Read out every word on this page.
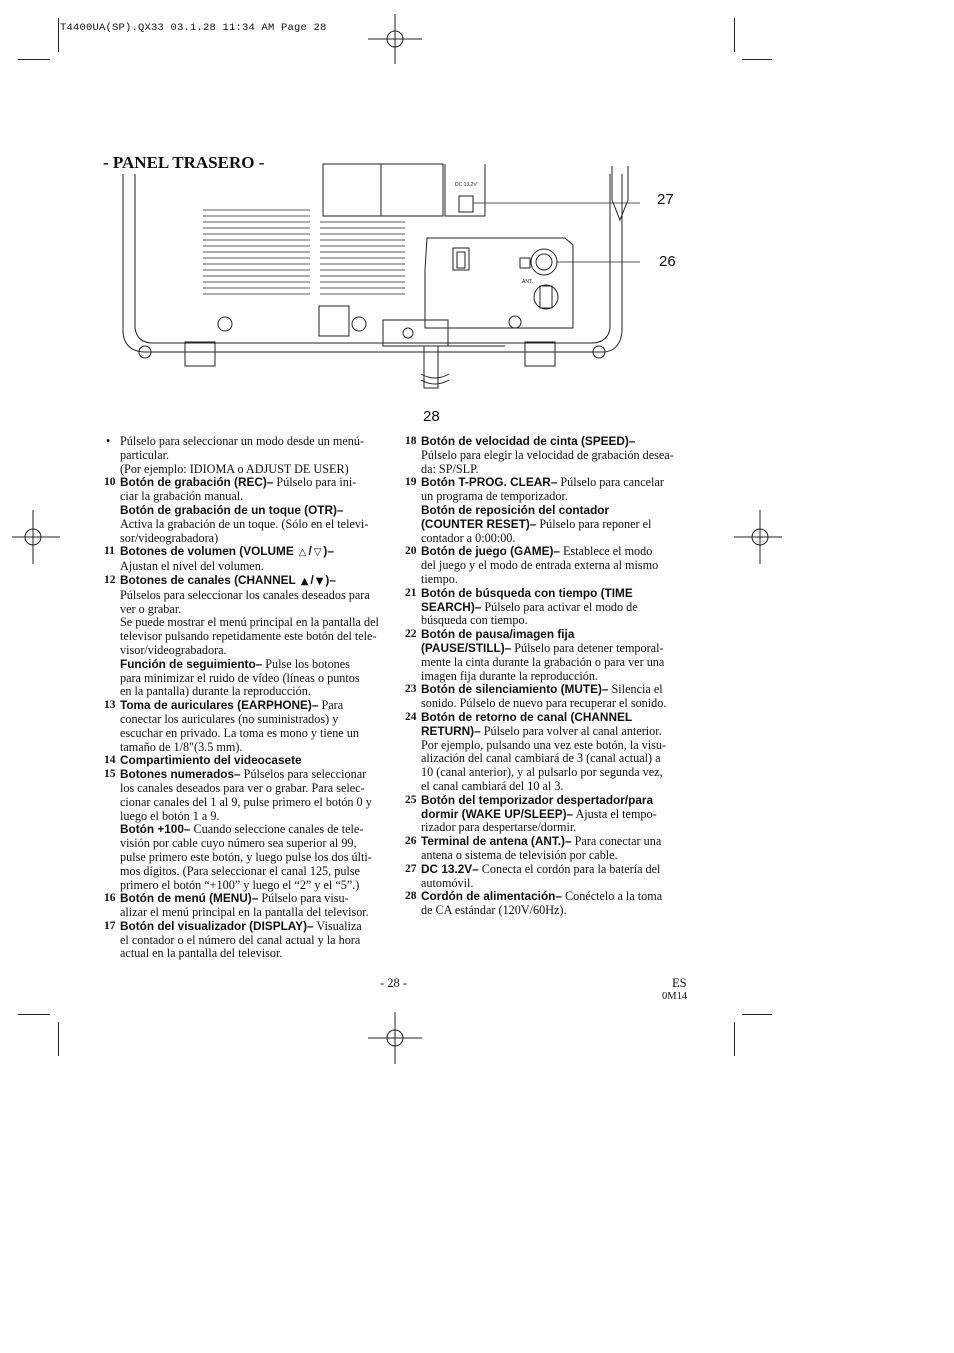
T4400UA(SP).QX33 03.1.28 11:34 AM Page 28
- PANEL TRASERO -
DC 13.2V
ANT.
27
26
28
• Púlselo para seleccionar un modo desde un menú-
particular.
(Por ejemplo: IDIOMA o ADJUST DE USER)
10 Botón de grabación (REC)– Púlselo para ini-
ciar la grabación manual.
Botón de grabación de un toque (OTR)–
Activa la grabación de un toque. (Sólo en el televi-
sor/videograbadora)
11 Botones de volumen (VOLUME △ / ▽ )–
Ajustan el nivel del volumen.
12 Botones de canales (CHANNEL ▲ / ▼ )–
Púlselos para seleccionar los canales deseados para
ver o grabar.
Se puede mostrar el menú principal en la pantalla del
televisor pulsando repetidamente este botón del tele-
visor/videograbadora.
Función de seguimiento– Pulse los botones
para minimizar el ruido de vídeo (líneas o puntos
en la pantalla) durante la reproducción.
13 Toma de auriculares (EARPHONE)– Para
conectar los auriculares (no suministrados) y
escuchar en privado. La toma es mono y tiene un
tamaño de 1/8"(3.5 mm).
14 Compartimiento del videocasete
15 Botones numerados– Púlselos para seleccionar
los canales deseados para ver o grabar. Para selec-
cionar canales del 1 al 9, pulse primero el botón 0 y
luego el botón 1 a 9.
Botón +100– Cuando seleccione canales de tele-
visión por cable cuyo número sea superior al 99,
pulse primero este botón, y luego pulse los dos últi-
mos dígitos. (Para seleccionar el canal 125, pulse
primero el botón “+100” y luego el “2” y el “5”.)
16 Botón de menú (MENU)– Púlselo para visu-
alizar el menú principal en la pantalla del televisor.
17 Botón del visualizador (DISPLAY)– Visualiza
el contador o el número del canal actual y la hora
actual en la pantalla del televisor.
18 Botón de velocidad de cinta (SPEED)–
Púlselo para elegir la velocidad de grabación desea-
da: SP/SLP.
19 Botón T-PROG. CLEAR– Púlselo para cancelar
un programa de temporizador.
Botón de reposición del contador
(COUNTER RESET)– Púlselo para reponer el
contador a 0:00:00.
20 Botón de juego (GAME)– Establece el modo
del juego y el modo de entrada externa al mismo
tiempo.
21 Botón de búsqueda con tiempo (TIME
SEARCH)– Púlselo para activar el modo de
búsqueda con tiempo.
22 Botón de pausa/imagen fija
(PAUSE/STILL)– Púlselo para detener temporal-
mente la cinta durante la grabación o para ver una
imagen fija durante la reproducción.
23 Botón de silenciamiento (MUTE)– Silencia el
sonido. Púlselo de nuevo para recuperar el sonido.
24 Botón de retorno de canal (CHANNEL
RETURN)– Púlselo para volver al canal anterior.
Por ejemplo, pulsando una vez este botón, la visu-
alización del canal cambiará de 3 (canal actual) a
10 (canal anterior), y al pulsarlo por segunda vez,
el canal cambiará del 10 al 3.
25 Botón del temporizador despertador/para
dormir (WAKE UP/SLEEP)– Ajusta el tempo-
rizador para despertarse/dormir.
26 Terminal de antena (ANT.)– Para conectar una
antena o sistema de televisión por cable.
27 DC 13.2V– Conecta el cordón para la batería del
automóvil.
28 Cordón de alimentación– Conéctelo a la toma
de CA estándar (120V/60Hz).
- 28 -	ES
0M14
